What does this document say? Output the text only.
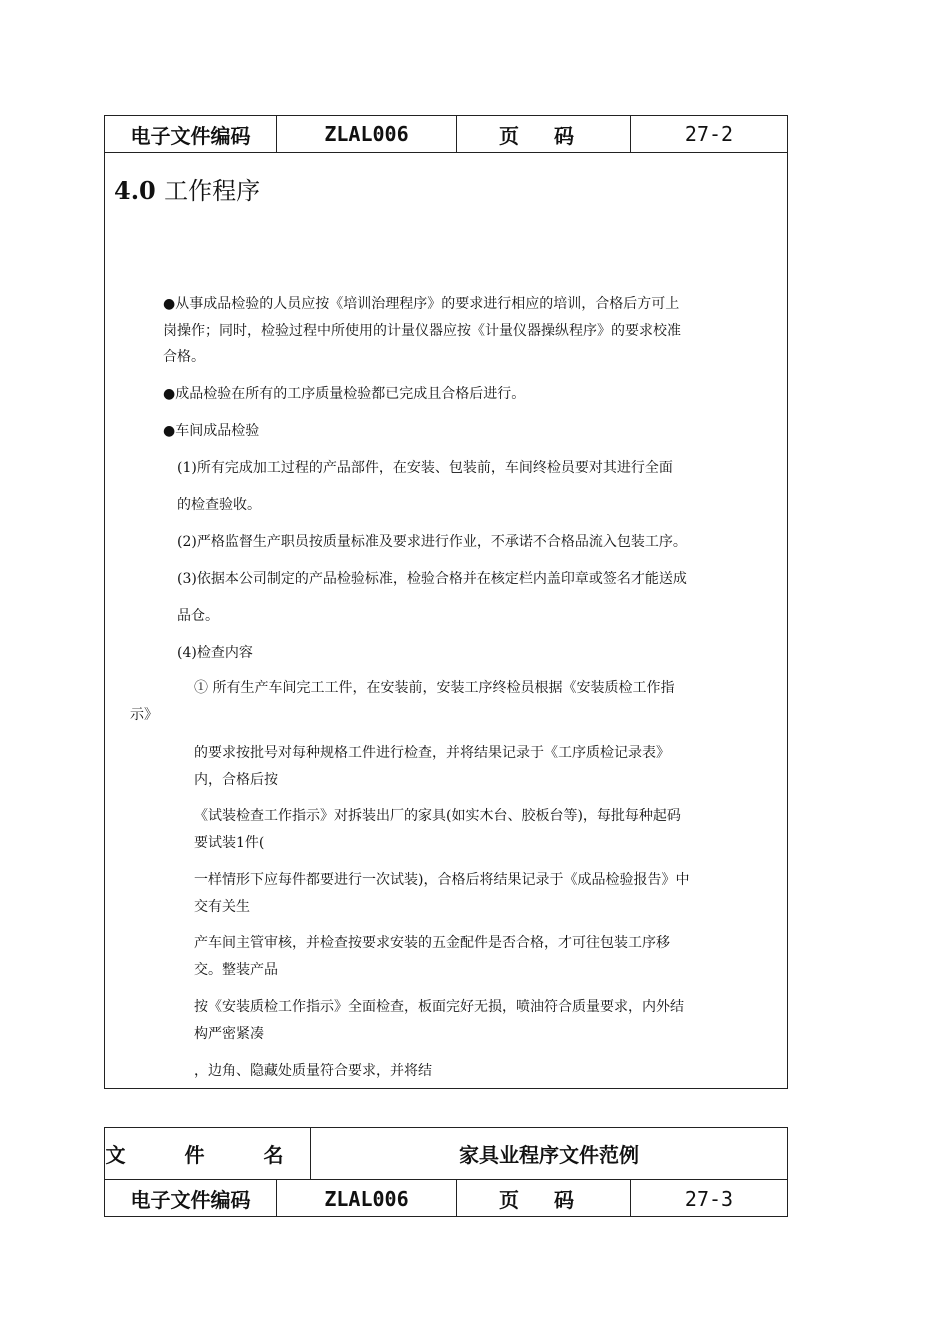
电子文件编码	ZLAL006	页 码	27-2
4.0 工作程序
●从事成品检验的人员应按《培训治理程序》的要求进行相应的培训，合格后方可上
岗操作；同时，检验过程中所使用的计量仪器应按《计量仪器操纵程序》的要求校准
合格。
●成品检验在所有的工序质量检验都已完成且合格后进行。
●车间成品检验
(1)所有完成加工过程的产品部件，在安装、包装前，车间终检员要对其进行全面
的检查验收。
(2)严格监督生产职员按质量标准及要求进行作业，不承诺不合格品流入包装工序。
(3)依据本公司制定的产品检验标准，检验合格并在核定栏内盖印章或签名才能送成
品仓。
(4)检查内容
① 所有生产车间完工工件，在安装前，安装工序终检员根据《安装质检工作指
示》
的要求按批号对每种规格工件进行检查，并将结果记录于《工序质检记录表》
内，合格后按
《试装检查工作指示》对拆装出厂的家具(如实木台、胶板台等)，每批每种起码
要试装1件(
一样情形下应每件都要进行一次试装)，合格后将结果记录于《成品检验报告》中
交有关生
产车间主管审核，并检查按要求安装的五金配件是否合格，才可往包装工序移
交。整装产品
按《安装质检工作指示》全面检查，板面完好无损，喷油符合质量要求，内外结
构严密紧凑
，边角、隐藏处质量符合要求，并将结
文 件 名	家具业程序文件范例
电子文件编码	ZLAL006	页 码	27-3
